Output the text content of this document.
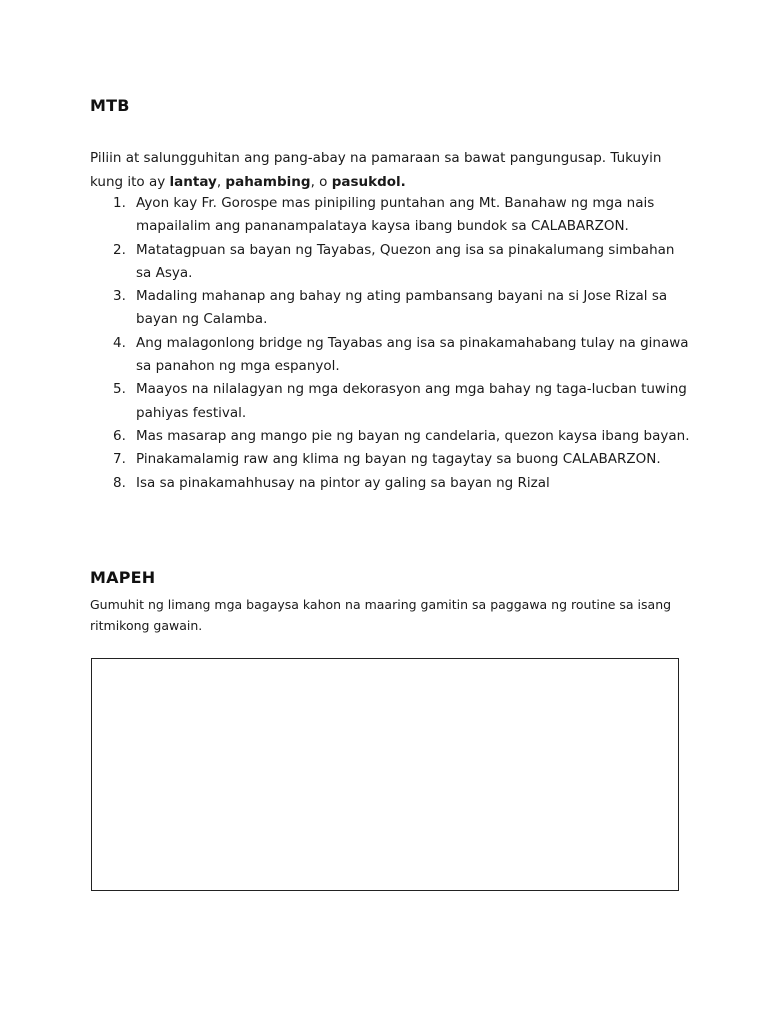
MTB

Piliin at salungguhitan ang pang-abay na pamaraan sa bawat pangungusap. Tukuyin kung ito ay lantay, pahambing, o pasukdol.

1. Ayon kay Fr. Gorospe mas pinipiling puntahan ang Mt. Banahaw ng mga nais mapailalim ang pananampalataya kaysa ibang bundok sa CALABARZON.
2. Matatagpuan sa bayan ng Tayabas, Quezon ang isa sa pinakalumang simbahan sa Asya.
3. Madaling mahanap ang bahay ng ating pambansang bayani na si Jose Rizal sa bayan ng Calamba.
4. Ang malagonlong bridge ng Tayabas ang isa sa pinakamahabang tulay na ginawa sa panahon ng mga espanyol.
5. Maayos na nilalagyan ng mga dekorasyon ang mga bahay ng taga-lucban tuwing pahiyas festival.
6. Mas masarap ang mango pie ng bayan ng candelaria, quezon kaysa ibang bayan.
7. Pinakamalamig raw ang klima ng bayan ng tagaytay sa buong CALABARZON.
8. Isa sa pinakamahhusay na pintor ay galing sa bayan ng Rizal
MAPEH

Gumuhit ng limang mga bagaysa kahon na maaring gamitin sa paggawa ng routine sa isang ritmikong gawain.
